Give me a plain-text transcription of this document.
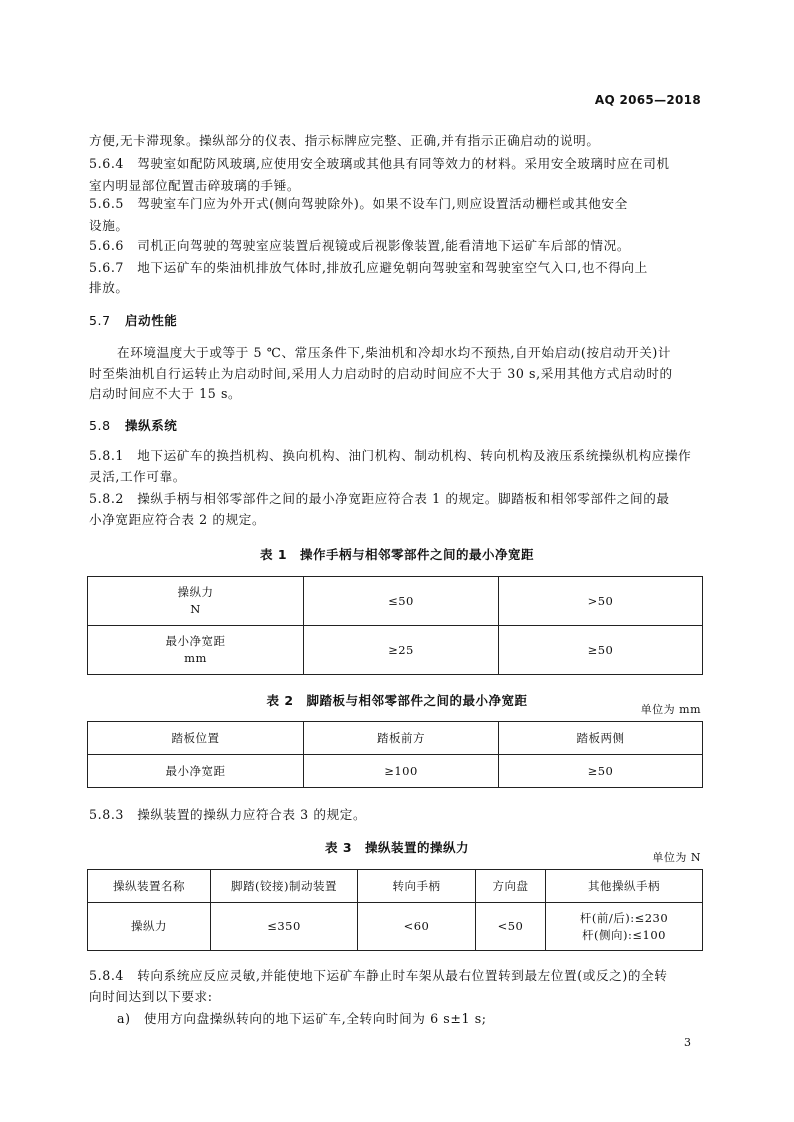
AQ 2065—2018
方便,无卡滞现象。操纵部分的仪表、指示标牌应完整、正确,并有指示正确启动的说明。
5.6.4　驾驶室如配防风玻璃,应使用安全玻璃或其他具有同等效力的材料。采用安全玻璃时应在司机
室内明显部位配置击碎玻璃的手锤。
5.6.5　驾驶室车门应为外开式(侧向驾驶除外)。如果不设车门,则应设置活动栅栏或其他安全
设施。
5.6.6　司机正向驾驶的驾驶室应装置后视镜或后视影像装置,能看清地下运矿车后部的情况。
5.6.7　地下运矿车的柴油机排放气体时,排放孔应避免朝向驾驶室和驾驶室空气入口,也不得向上
排放。
5.7 启动性能
在环境温度大于或等于 5 ℃、常压条件下,柴油机和冷却水均不预热,自开始启动(按启动开关)计
时至柴油机自行运转止为启动时间,采用人力启动时的启动时间应不大于 30 s,采用其他方式启动时的
启动时间应不大于 15 s。
5.8 操纵系统
5.8.1　地下运矿车的换挡机构、换向机构、油门机构、制动机构、转向机构及液压系统操纵机构应操作
灵活,工作可靠。
5.8.2　操纵手柄与相邻零部件之间的最小净宽距应符合表 1 的规定。脚踏板和相邻零部件之间的最
小净宽距应符合表 2 的规定。
表 1　操作手柄与相邻零部件之间的最小净宽距
操纵力
N	≤50	>50

最小净宽距
mm	≥25	≥50
表 2　脚踏板与相邻零部件之间的最小净宽距
单位为 mm
踏板位置	踏板前方	踏板两侧
最小净宽距	≥100	≥50
5.8.3　操纵装置的操纵力应符合表 3 的规定。
表 3　操纵装置的操纵力
单位为 N
操纵装置名称	脚踏(铰接)制动装置	转向手柄	方向盘	其他操纵手柄
操纵力	≤350	<60	<50	杆(前/后):≤230
杆(侧向):≤100
5.8.4　转向系统应反应灵敏,并能使地下运矿车静止时车架从最右位置转到最左位置(或反之)的全转
向时间达到以下要求:
a)　使用方向盘操纵转向的地下运矿车,全转向时间为 6 s±1 s;
3
